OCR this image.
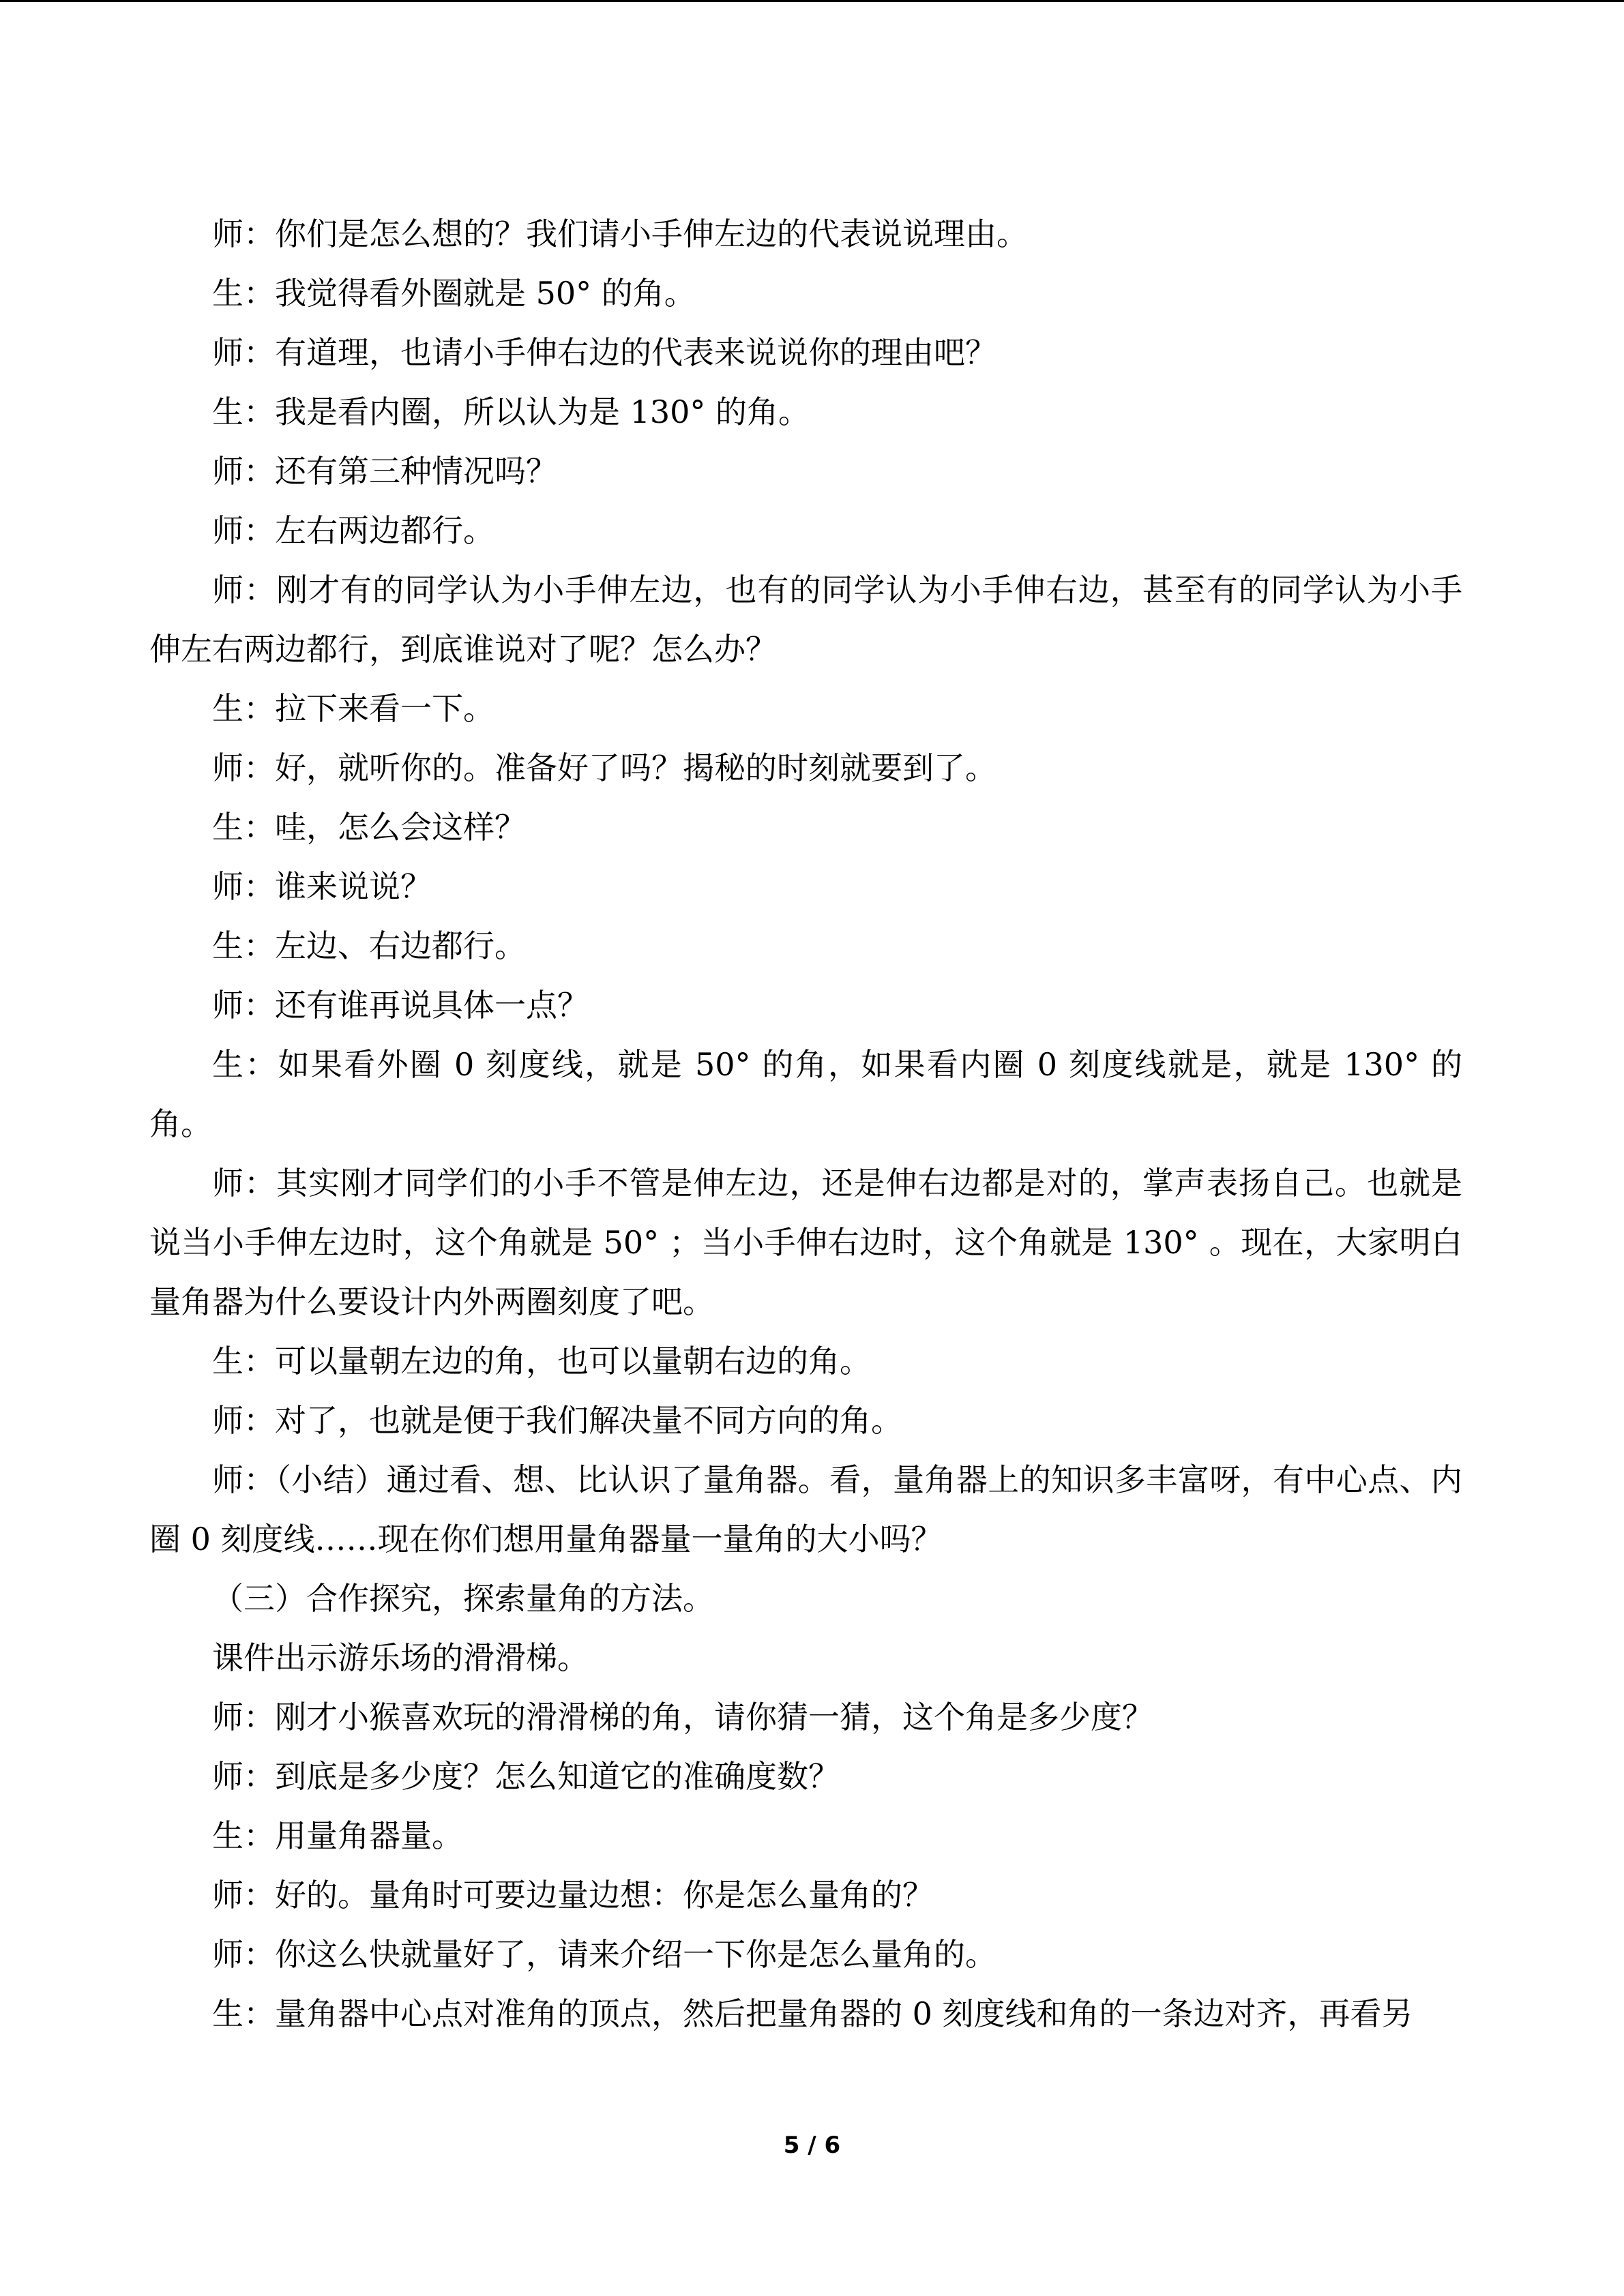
师：你们是怎么想的？我们请小手伸左边的代表说说理由。

生：我觉得看外圈就是 50° 的角。

师：有道理，也请小手伸右边的代表来说说你的理由吧？

生：我是看内圈，所以认为是 130° 的角。

师：还有第三种情况吗？

师：左右两边都行。

师：刚才有的同学认为小手伸左边，也有的同学认为小手伸右边，甚至有的同学认为小手伸左右两边都行，到底谁说对了呢？怎么办？

生：拉下来看一下。

师：好，就听你的。准备好了吗？揭秘的时刻就要到了。

生：哇，怎么会这样？

师：谁来说说？

生：左边、右边都行。

师：还有谁再说具体一点？

生：如果看外圈 0 刻度线，就是 50° 的角，如果看内圈 0 刻度线就是，就是 130° 的角。

师：其实刚才同学们的小手不管是伸左边，还是伸右边都是对的，掌声表扬自己。也就是说当小手伸左边时，这个角就是 50° ；当小手伸右边时，这个角就是 130° 。现在，大家明白量角器为什么要设计内外两圈刻度了吧。

生：可以量朝左边的角，也可以量朝右边的角。

师：对了，也就是便于我们解决量不同方向的角。

师：（小结）通过看、想、比认识了量角器。看，量角器上的知识多丰富呀，有中心点、内圈 0 刻度线……现在你们想用量角器量一量角的大小吗？

（三）合作探究，探索量角的方法。

课件出示游乐场的滑滑梯。

师：刚才小猴喜欢玩的滑滑梯的角，请你猜一猜，这个角是多少度？

师：到底是多少度？怎么知道它的准确度数？

生：用量角器量。

师：好的。量角时可要边量边想：你是怎么量角的？

师：你这么快就量好了，请来介绍一下你是怎么量角的。

生：量角器中心点对准角的顶点，然后把量角器的 0 刻度线和角的一条边对齐，再看另

5 / 6
